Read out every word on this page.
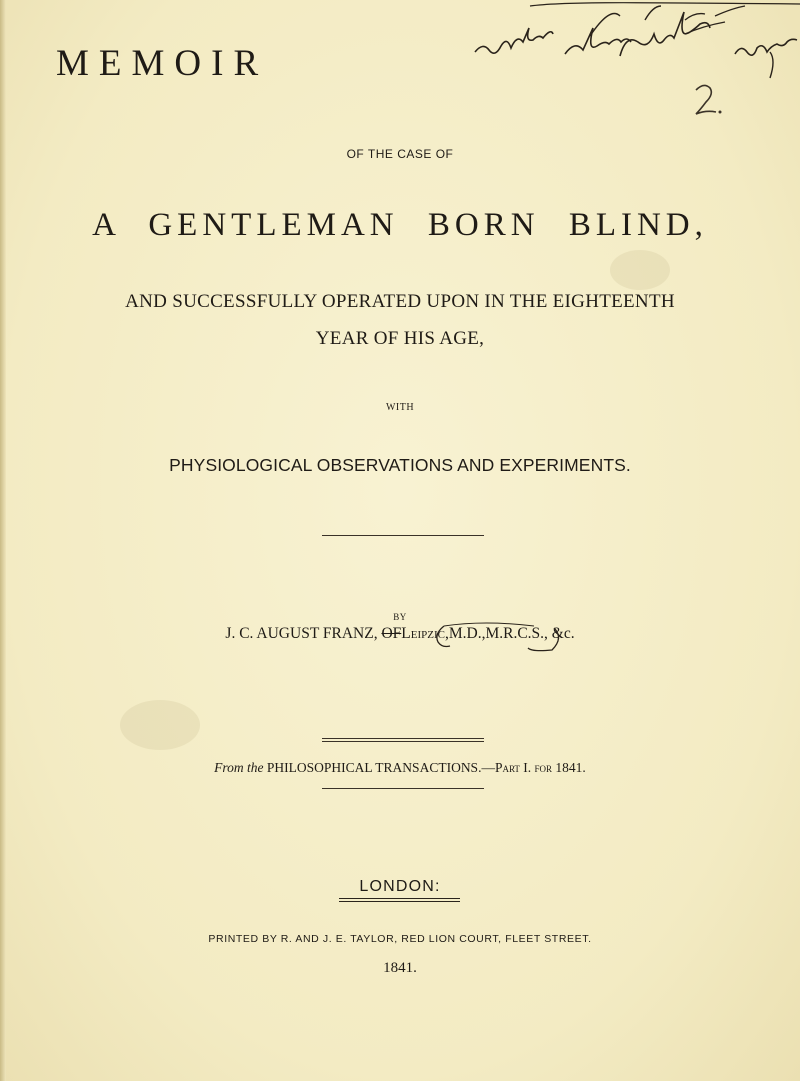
MEMOIR
OF THE CASE OF
A GENTLEMAN BORN BLIND,
AND SUCCESSFULLY OPERATED UPON IN THE EIGHTEENTH
YEAR OF HIS AGE,
WITH
PHYSIOLOGICAL OBSERVATIONS AND EXPERIMENTS.
BY
J. C. AUGUST FRANZ, OFLeipzic,M.D.,M.R.C.S., &c.
From the PHILOSOPHICAL TRANSACTIONS.—Part I. for 1841.
LONDON:
PRINTED BY R. AND J. E. TAYLOR, RED LION COURT, FLEET STREET.
1841.
